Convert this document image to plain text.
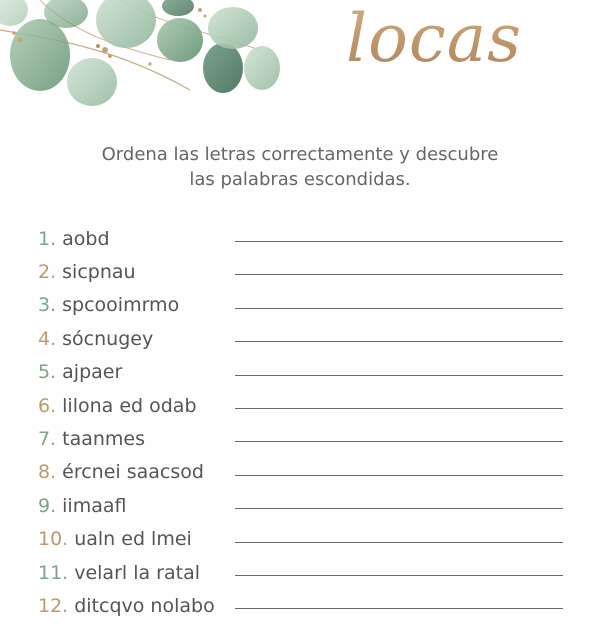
locas
Ordena las letras correctamente y descubre
las palabras escondidas.
1. aobd
2. sicpnau
3. spcooimrmo
4. sócnugey
5. ajpaer
6. lilona ed odab
7. taanmes
8. ércnei saacsod
9. iimaafl
10. ualn ed lmei
11. velarl la ratal
12. ditcqvo nolabo
